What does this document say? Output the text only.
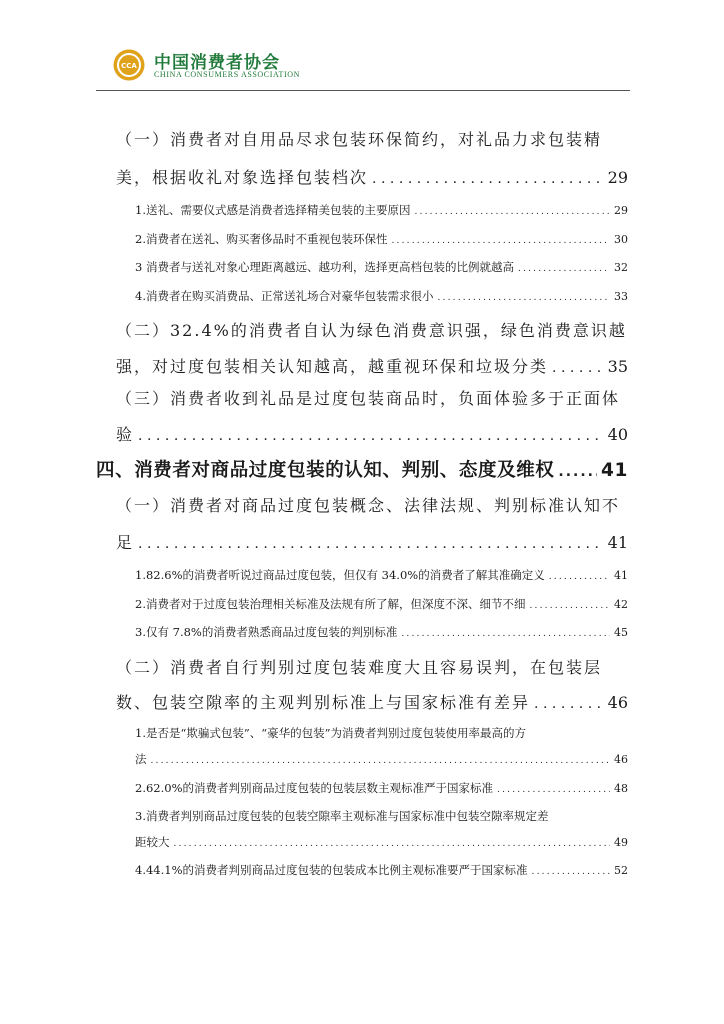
CCA 中国消费者协会
CHINA CONSUMERS ASSOCIATION
（一）消费者对自用品尽求包装环保简约，对礼品力求包装精
美，根据收礼对象选择包装档次 .....	29
1.送礼、需要仪式感是消费者选择精美包装的主要原因 .....	29
2.消费者在送礼、购买奢侈品时不重视包装环保性 .....	30
3 消费者与送礼对象心理距离越远、越功利，选择更高档包装的比例就越高 .....	32
4.消费者在购买消费品、正常送礼场合对豪华包装需求很小 .....	33
（二）32.4%的消费者自认为绿色消费意识强，绿色消费意识越
强，对过度包装相关认知越高，越重视环保和垃圾分类 .....	35
（三）消费者收到礼品是过度包装商品时，负面体验多于正面体
验 .....	40
四、消费者对商品过度包装的认知、判别、态度及维权 .....	41
（一）消费者对商品过度包装概念、法律法规、判别标准认知不
足 .....	41
1.82.6%的消费者听说过商品过度包装，但仅有 34.0%的消费者了解其准确定义 .....	41
2.消费者对于过度包装治理相关标准及法规有所了解，但深度不深、细节不细 .....	42
3.仅有 7.8%的消费者熟悉商品过度包装的判别标准 .....	45
（二）消费者自行判别过度包装难度大且容易误判，在包装层
数、包装空隙率的主观判别标准上与国家标准有差异 .....	46
1.是否是“欺骗式包装”、“豪华的包装”为消费者判别过度包装使用率最高的方
法 .....	46
2.62.0%的消费者判别商品过度包装的包装层数主观标准严于国家标准 .....	48
3.消费者判别商品过度包装的包装空隙率主观标准与国家标准中包装空隙率规定差
距较大 .....	49
4.44.1%的消费者判别商品过度包装的包装成本比例主观标准要严于国家标准 .....	52
